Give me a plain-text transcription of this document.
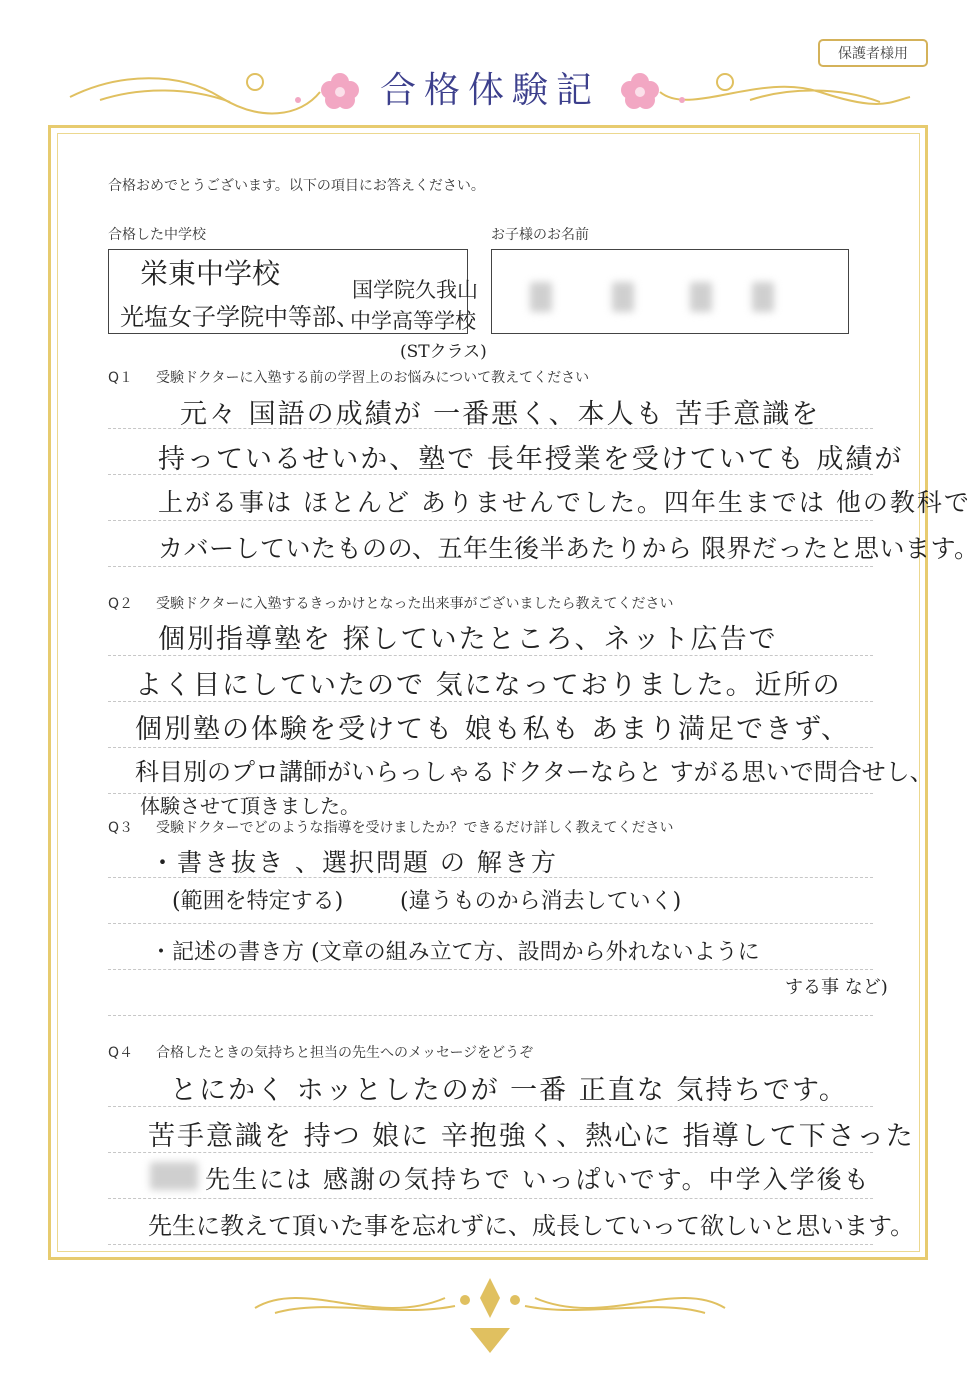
保護者様用
合格体験記
合格おめでとうございます。以下の項目にお答えください。
合格した中学校	お子様のお名前
栄東中学校
光塩女子学院中等部、
国学院久我山
中学高等学校
(STクラス)
Q１ 受験ドクターに入塾する前の学習上のお悩みについて教えてください
元々 国語の成績が 一番悪く、本人も 苦手意識を
持っているせいか、塾で 長年授業を受けていても 成績が
上がる事は ほとんど ありませんでした。四年生までは 他の教科で
カバーしていたものの、五年生後半あたりから 限界だったと思います。
Q２ 受験ドクターに入塾するきっかけとなった出来事がございましたら教えてください
個別指導塾を 探していたところ、ネット広告で
よく目にしていたので 気になっておりました。近所の
個別塾の体験を受けても 娘も私も あまり満足できず、
科目別のプロ講師がいらっしゃるドクターならと すがる思いで問合せし、
体験させて頂きました。
Q３ 受験ドクターでどのような指導を受けましたか？できるだけ詳しく教えてください
・書き抜き 、選択問題 の 解き方
(範囲を特定する)	(違うものから消去していく)
・記述の書き方 (文章の組み立て方、設問から外れないように
する事 など)
Q４ 合格したときの気持ちと担当の先生へのメッセージをどうぞ
とにかく ホッとしたのが 一番 正直な 気持ちです。
苦手意識を 持つ 娘に 辛抱強く、熱心に 指導して下さった
先生には 感謝の気持ちで いっぱいです。中学入学後も
先生に教えて頂いた事を忘れずに、成長していって欲しいと思います。
